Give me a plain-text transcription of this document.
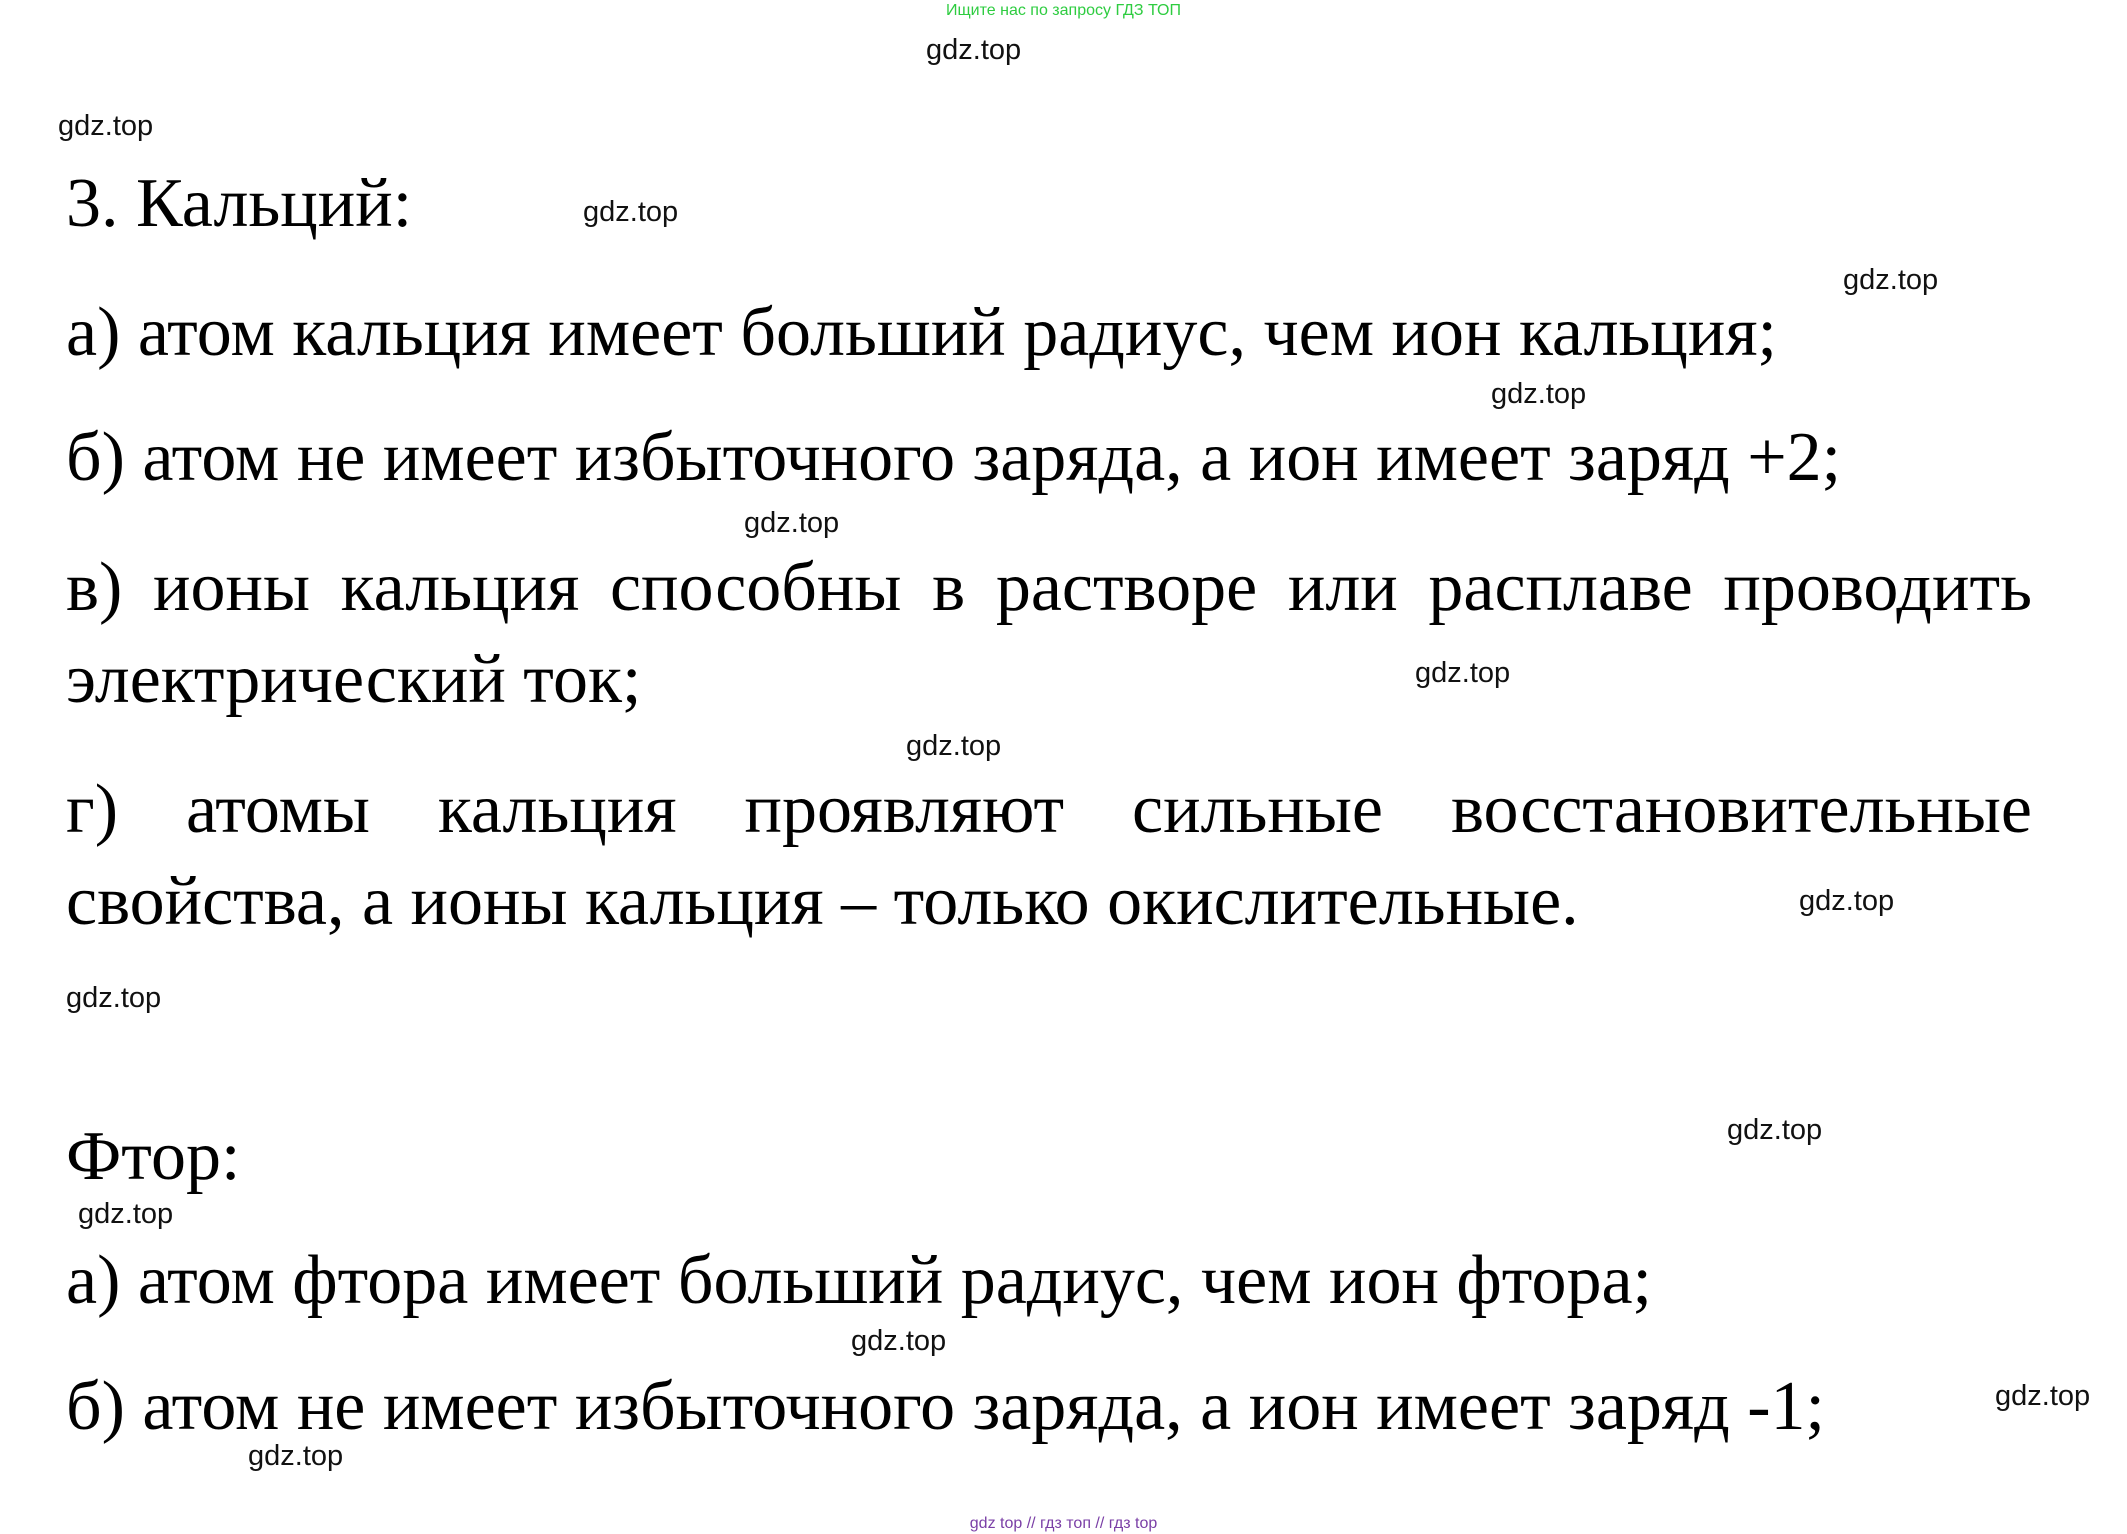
Ищите нас по запросу ГДЗ ТОП
gdz.top
gdz.top
gdz.top
gdz.top
gdz.top
gdz.top
gdz.top
gdz.top
gdz.top
gdz.top
gdz.top
gdz.top
gdz.top
gdz.top
gdz.top
3. Кальций:
а) атом кальция имеет больший радиус, чем ион кальция;
б) атом не имеет избыточного заряда, а ион имеет заряд +2;
в) ионы кальция способны в растворе или расплаве проводить электрический ток;
г) атомы кальция проявляют сильные восстановительные свойства, а ионы кальция – только окислительные.
Фтор:
а) атом фтора имеет больший радиус, чем ион фтора;
б) атом не имеет избыточного заряда, а ион имеет заряд -1;
gdz top // гдз топ // гдз top
